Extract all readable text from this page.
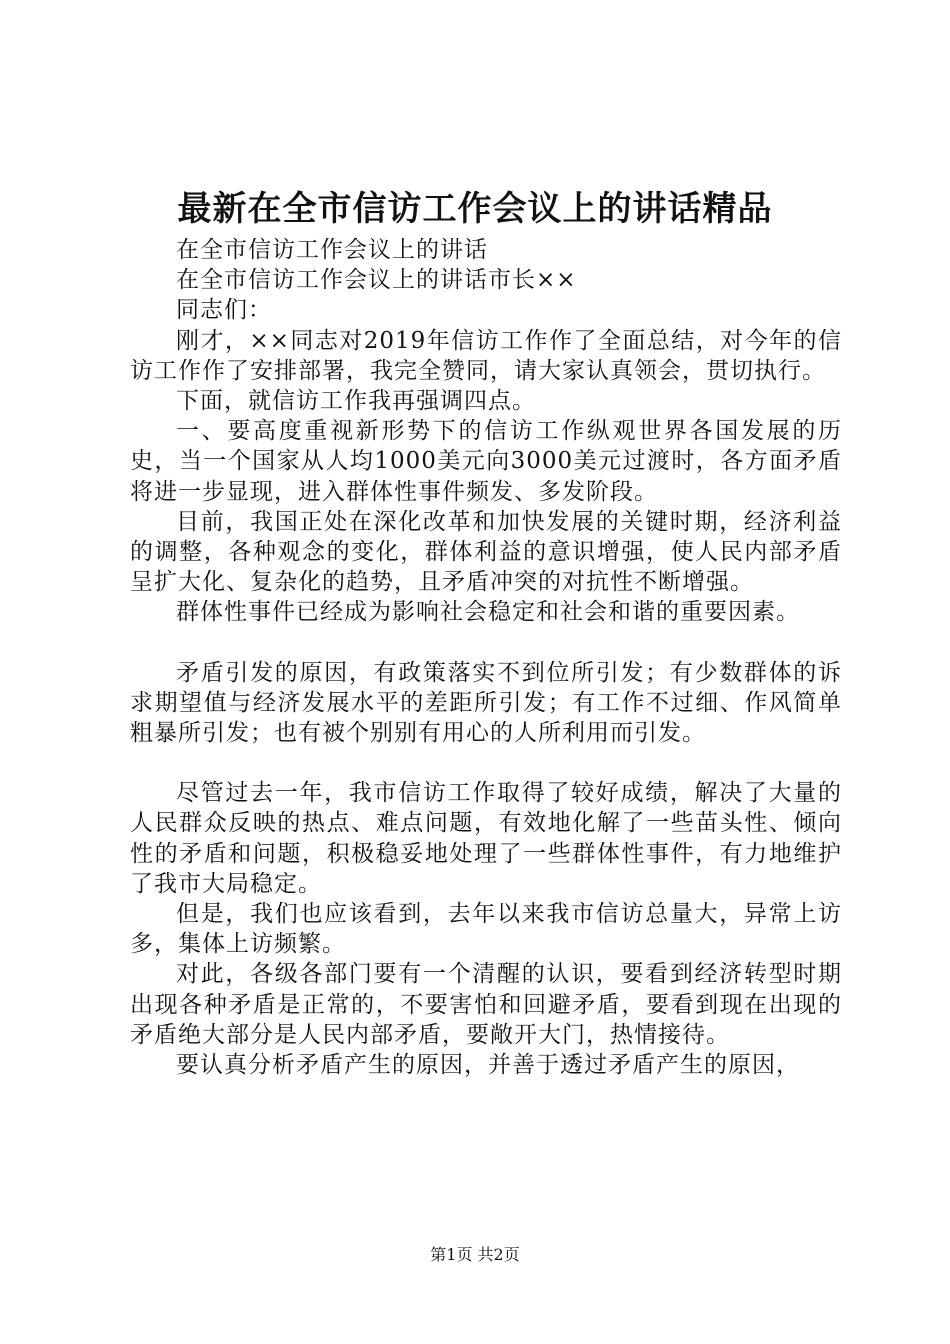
最新在全市信访工作会议上的讲话精品

在全市信访工作会议上的讲话

在全市信访工作会议上的讲话市长××

同志们：

刚才，××同志对2019年信访工作作了全面总结，对今年的信访工作作了安排部署，我完全赞同，请大家认真领会，贯切执行。

下面，就信访工作我再强调四点。

一、要高度重视新形势下的信访工作纵观世界各国发展的历史，当一个国家从人均1000美元向3000美元过渡时，各方面矛盾将进一步显现，进入群体性事件频发、多发阶段。

目前，我国正处在深化改革和加快发展的关键时期，经济利益的调整，各种观念的变化，群体利益的意识增强，使人民内部矛盾呈扩大化、复杂化的趋势，且矛盾冲突的对抗性不断增强。

群体性事件已经成为影响社会稳定和社会和谐的重要因素。

矛盾引发的原因，有政策落实不到位所引发；有少数群体的诉求期望值与经济发展水平的差距所引发；有工作不过细、作风简单粗暴所引发；也有被个别别有用心的人所利用而引发。

尽管过去一年，我市信访工作取得了较好成绩，解决了大量的人民群众反映的热点、难点问题，有效地化解了一些苗头性、倾向性的矛盾和问题，积极稳妥地处理了一些群体性事件，有力地维护了我市大局稳定。

但是，我们也应该看到，去年以来我市信访总量大，异常上访多，集体上访频繁。

对此，各级各部门要有一个清醒的认识，要看到经济转型时期出现各种矛盾是正常的，不要害怕和回避矛盾，要看到现在出现的矛盾绝大部分是人民内部矛盾，要敞开大门，热情接待。

要认真分析矛盾产生的原因，并善于透过矛盾产生的原因，

第1页 共2页
